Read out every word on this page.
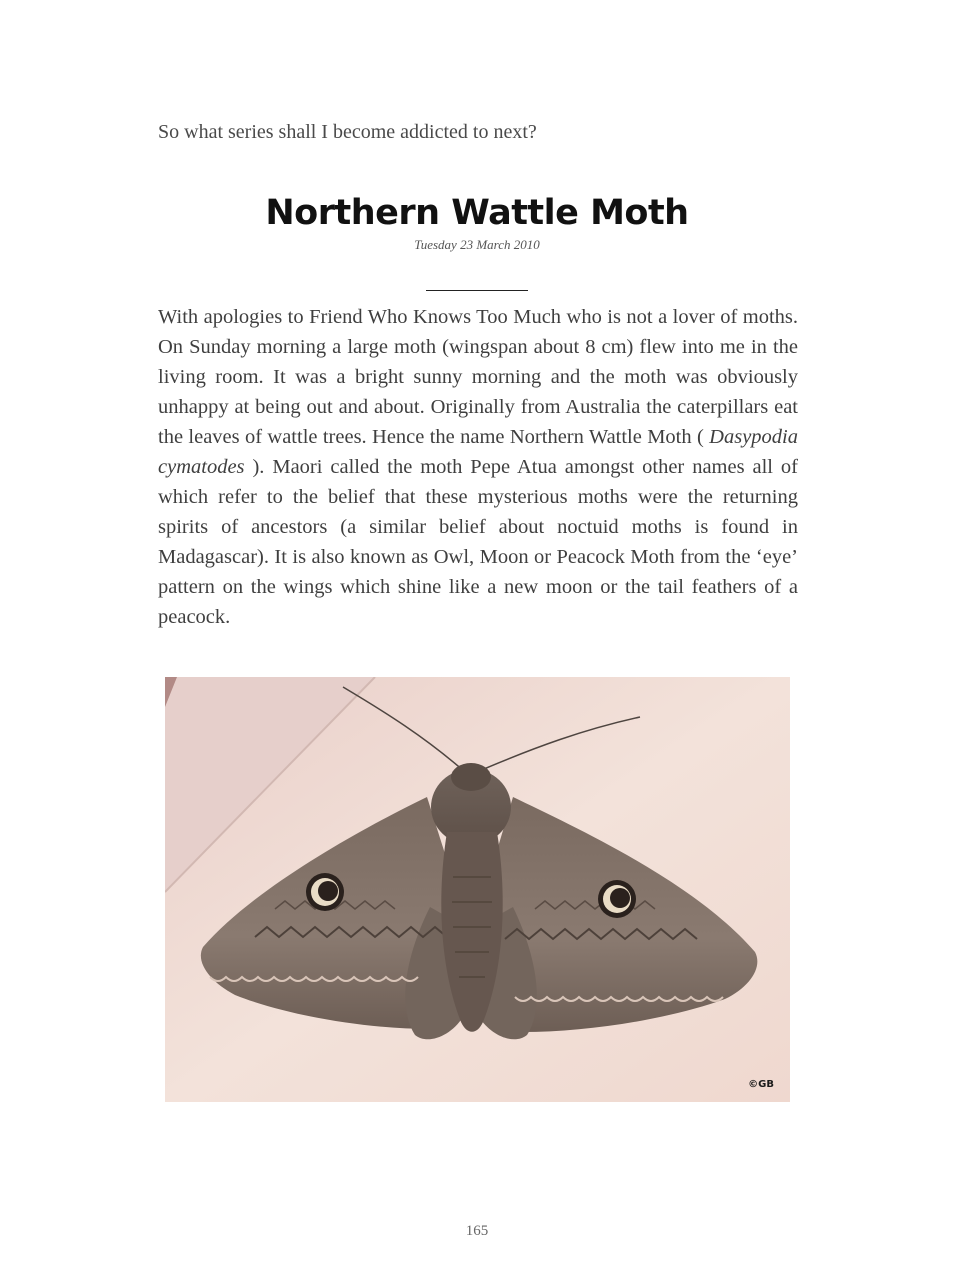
So what series shall I become addicted to next?
Northern Wattle Moth
Tuesday 23 March 2010
With apologies to Friend Who Knows Too Much who is not a lover of moths. On Sunday morning a large moth (wingspan about 8 cm) flew into me in the living room. It was a bright sunny morning and the moth was obviously unhappy at being out and about. Originally from Australia the caterpillars eat the leaves of wattle trees. Hence the name Northern Wattle Moth ( Dasypodia cymatodes ). Maori called the moth Pepe Atua amongst other names all of which refer to the belief that these mysterious moths were the returning spirits of ancestors (a similar belief about noctuid moths is found in Madagascar). It is also known as Owl, Moon or Peacock Moth from the ‘eye’ pattern on the wings which shine like a new moon or the tail feathers of a peacock.
©GB
165
